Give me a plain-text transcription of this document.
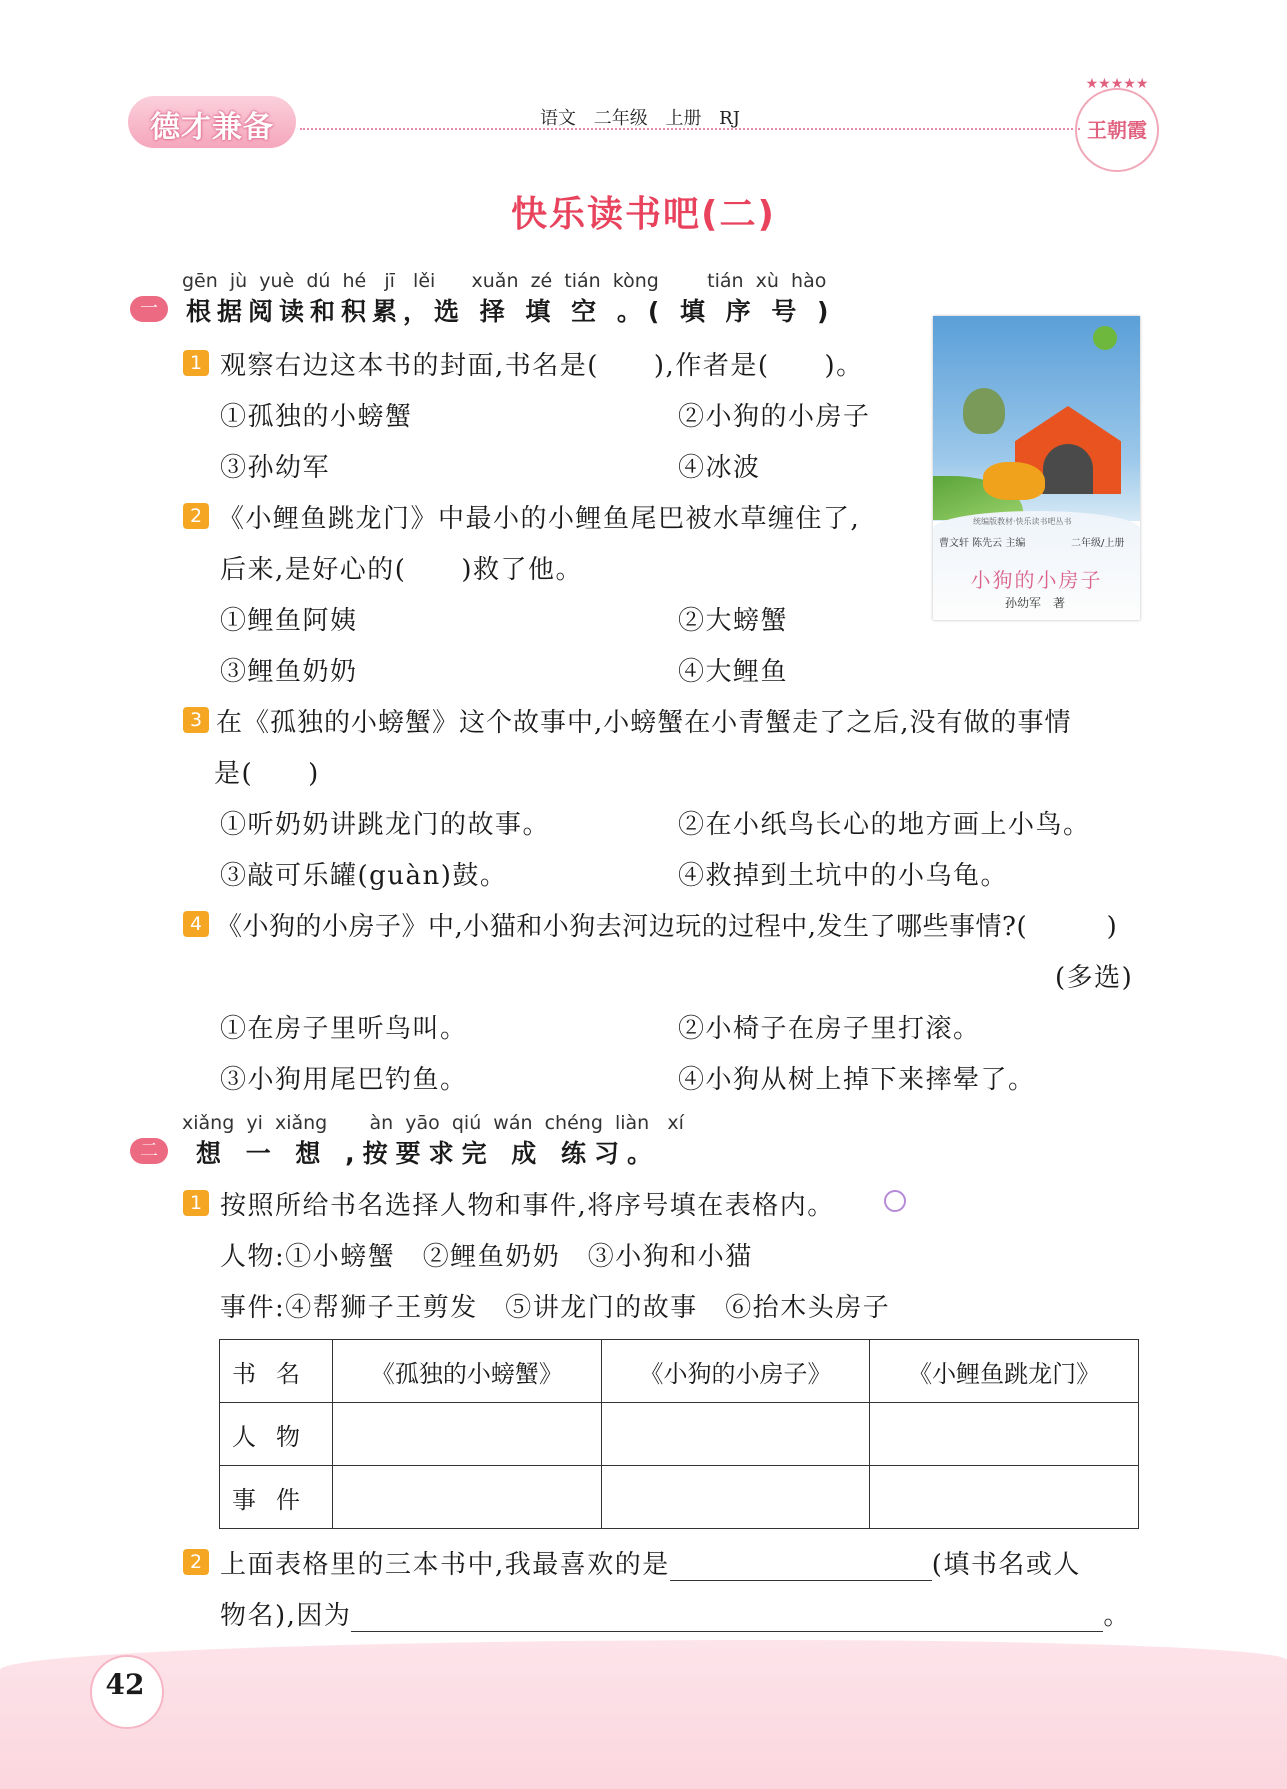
德才兼备	语文 二年级 上册 RJ
★★★★★
王朝霞
快乐读书吧(二)
gēn  jù  yuè  dú  hé   jī   lěi      xuǎn  zé  tián  kòng        tián  xù  hào
一	根据阅读和积累，选 择 填 空 。( 填 序 号 )
1 观察右边这本书的封面,书名是(　　),作者是(　　)。
①孤独的小螃蟹	②小狗的小房子
③孙幼军	④冰波
2 《小鲤鱼跳龙门》中最小的小鲤鱼尾巴被水草缠住了,
后来,是好心的(　　)救了他。
①鲤鱼阿姨	②大螃蟹
③鲤鱼奶奶	④大鲤鱼
3 在《孤独的小螃蟹》这个故事中,小螃蟹在小青蟹走了之后,没有做的事情
是(　　)
①听奶奶讲跳龙门的故事。	②在小纸鸟长心的地方画上小鸟。
③敲可乐罐(guàn)鼓。	④救掉到土坑中的小乌龟。
4 《小狗的小房子》中,小猫和小狗去河边玩的过程中,发生了哪些事情?(　　　)
(多选)
①在房子里听鸟叫。	②小椅子在房子里打滚。
③小狗用尾巴钓鱼。	④小狗从树上掉下来摔晕了。
统编版教材·快乐读书吧丛书
曹文轩 陈先云 主编	二年级/上册
小狗的小房子
孙幼军　著
xiǎng  yi  xiǎng       àn  yāo  qiú  wán  chéng  liàn   xí
二	想 一 想 ,按要求完 成 练习。
1 按照所给书名选择人物和事件,将序号填在表格内。
人物:①小螃蟹　②鲤鱼奶奶　③小狗和小猫
事件:④帮狮子王剪发　⑤讲龙门的故事　⑥抬木头房子
书名	《孤独的小螃蟹》	《小狗的小房子》	《小鲤鱼跳龙门》
人物			
事件			
2 上面表格里的三本书中,我最喜欢的是	(填书名或人
物名),因为	。
42
